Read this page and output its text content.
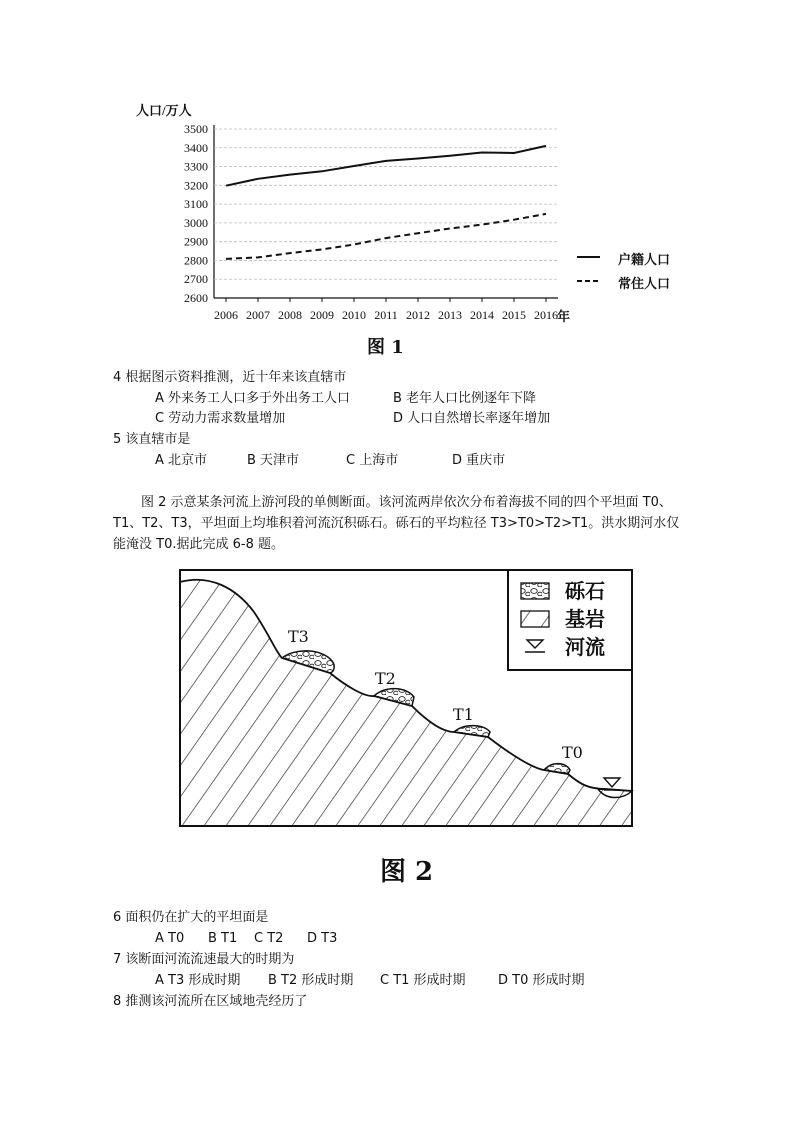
人口/万人
2600
2700
2800
2900
3000
3100
3200
3300
3400
3500
2006 2007 2008 2009 2010 2011 2012 2013 2014 2015 2016 年
户籍人口
常住人口
图 1
4 根据图示资料推测，近十年来该直辖市
A 外来务工人口多于外出务工人口	B 老年人口比例逐年下降
C 劳动力需求数量增加	D 人口自然增长率逐年增加
5 该直辖市是
A 北京市	B 天津市	C 上海市	D 重庆市
图 2 示意某条河流上游河段的单侧断面。该河流两岸依次分布着海拔不同的四个平坦面 T0、T1、T2、T3，平坦面上均堆积着河流沉积砾石。砾石的平均粒径 T3>T0>T2>T1。洪水期河水仅能淹没 T0.据此完成 6-8 题。
T3
T2
T1
T0
砾石
基岩
河流
图 2
6 面积仍在扩大的平坦面是
A T0 B T1 C T2 D T3
7 该断面河流流速最大的时期为
A T3 形成时期 B T2 形成时期 C T1 形成时期 D T0 形成时期
8 推测该河流所在区域地壳经历了
